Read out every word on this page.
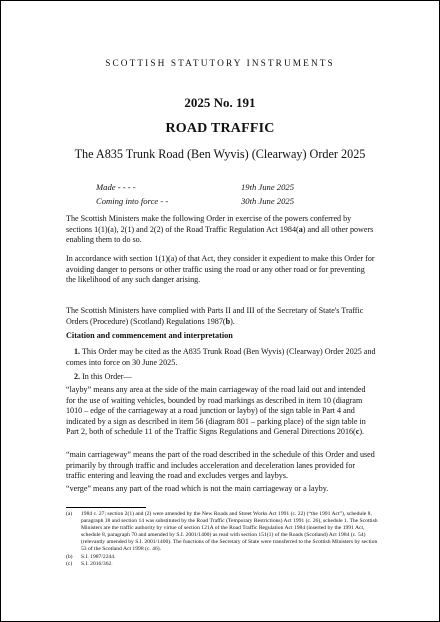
SCOTTISH STATUTORY INSTRUMENTS
2025 No. 191
ROAD TRAFFIC
The A835 Trunk Road (Ben Wyvis) (Clearway) Order 2025
Made - - - -	19th June 2025
Coming into force - -	30th June 2025

The Scottish Ministers make the following Order in exercise of the powers conferred by sections 1(1)(a), 2(1) and 2(2) of the Road Traffic Regulation Act 1984(a) and all other powers enabling them to do so.

In accordance with section 1(1)(a) of that Act, they consider it expedient to make this Order for avoiding danger to persons or other traffic using the road or any other road or for preventing the likelihood of any such danger arising.

The Scottish Ministers have complied with Parts II and III of the Secretary of State's Traffic Orders (Procedure) (Scotland) Regulations 1987(b).

Citation and commencement and interpretation
1. This Order may be cited as the A835 Trunk Road (Ben Wyvis) (Clearway) Order 2025 and comes into force on 30 June 2025.
2. In this Order—
“layby” means any area at the side of the main carriageway of the road laid out and intended for the use of waiting vehicles, bounded by road markings as described in item 10 (diagram 1010 – edge of the carriageway at a road junction or layby) of the sign table in Part 4 and indicated by a sign as described in item 56 (diagram 801 – parking place) of the sign table in Part 2, both of schedule 11 of the Traffic Signs Regulations and General Directions 2016(c).
“main carriageway” means the part of the road described in the schedule of this Order and used primarily by through traffic and includes acceleration and deceleration lanes provided for traffic entering and leaving the road and excludes verges and laybys.
“verge” means any part of the road which is not the main carriageway or a layby.
(a) 1984 c. 27; section 2(1) and (2) were amended by the New Roads and Street Works Act 1991 (c. 22) (“the 1991 Act”), schedule 8, paragraph 18 and section 14 was substituted by the Road Traffic (Temporary Restrictions) Act 1991 (c. 26), schedule 1. The Scottish Ministers are the traffic authority by virtue of section 121A of the Road Traffic Regulation Act 1984 (inserted by the 1991 Act, schedule 8, paragraph 70 and amended by S.I. 2001/1400) as read with section 151(1) of the Roads (Scotland) Act 1984 (c. 54) (relevantly amended by S.I. 2001/1400). The functions of the Secretary of State were transferred to the Scottish Ministers by section 53 of the Scotland Act 1998 (c. 46).
(b) S.I. 1987/2244.
(c) S.I. 2016/362.
